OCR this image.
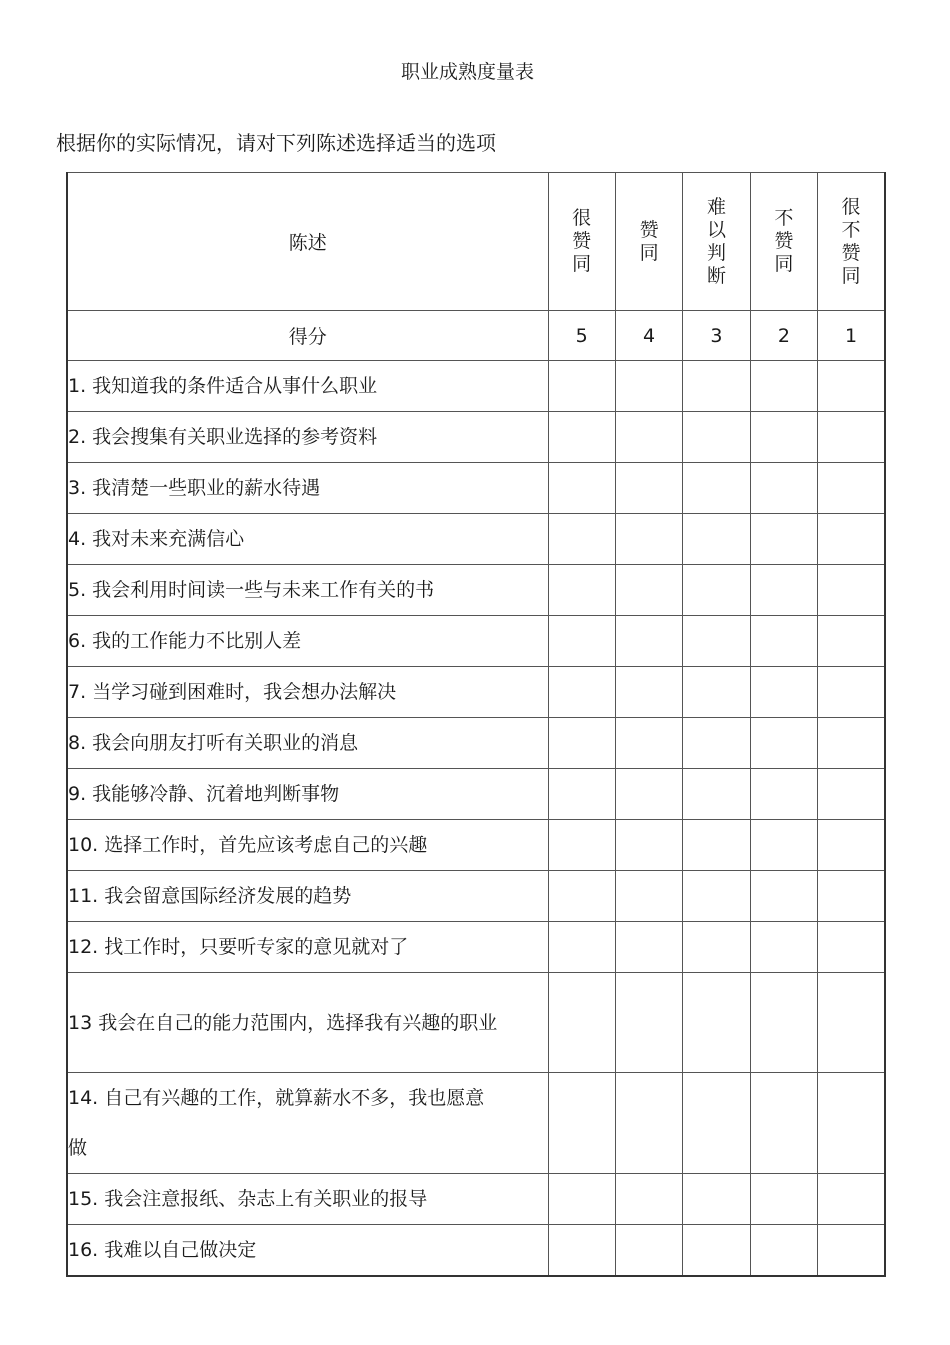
职业成熟度量表
根据你的实际情况，请对下列陈述选择适当的选项
陈述	很赞同	赞同	难以判断	不赞同	很不赞同
得分	5	4	3	2	1
1. 我知道我的条件适合从事什么职业					
2. 我会搜集有关职业选择的参考资料					
3. 我清楚一些职业的薪水待遇					
4. 我对未来充满信心					
5. 我会利用时间读一些与未来工作有关的书					
6. 我的工作能力不比别人差					
7. 当学习碰到困难时，我会想办法解决					
8. 我会向朋友打听有关职业的消息					
9. 我能够冷静、沉着地判断事物					
10. 选择工作时，首先应该考虑自己的兴趣					
11. 我会留意国际经济发展的趋势					
12. 找工作时，只要听专家的意见就对了					

13 我会在自己的能力范围内，选择我有兴趣的职业					

14. 自己有兴趣的工作，就算薪水不多，我也愿意做					

15. 我会注意报纸、杂志上有关职业的报导					
16. 我难以自己做决定					
